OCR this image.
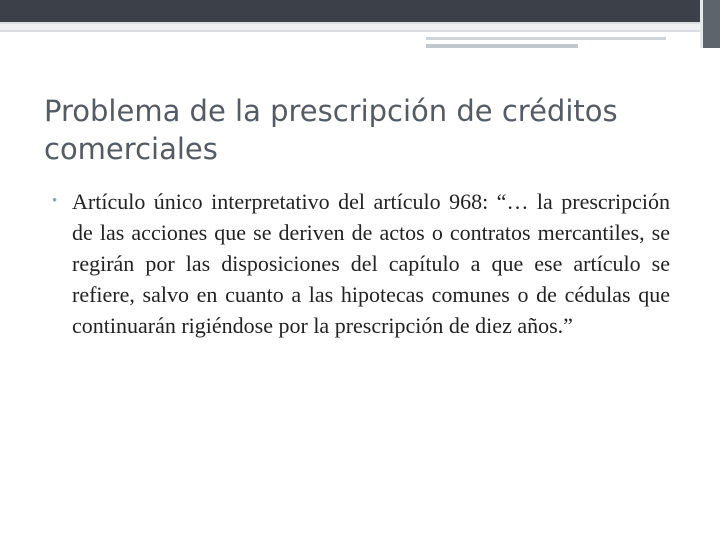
Problema de la prescripción de créditos comerciales
• Artículo único interpretativo del artículo 968: “… la prescripción de las acciones que se deriven de actos o contratos mercantiles, se regirán por las disposiciones del capítulo a que ese artículo se refiere, salvo en cuanto a las hipotecas comunes o de cédulas que continuarán rigiéndose por la prescripción de diez años.”
